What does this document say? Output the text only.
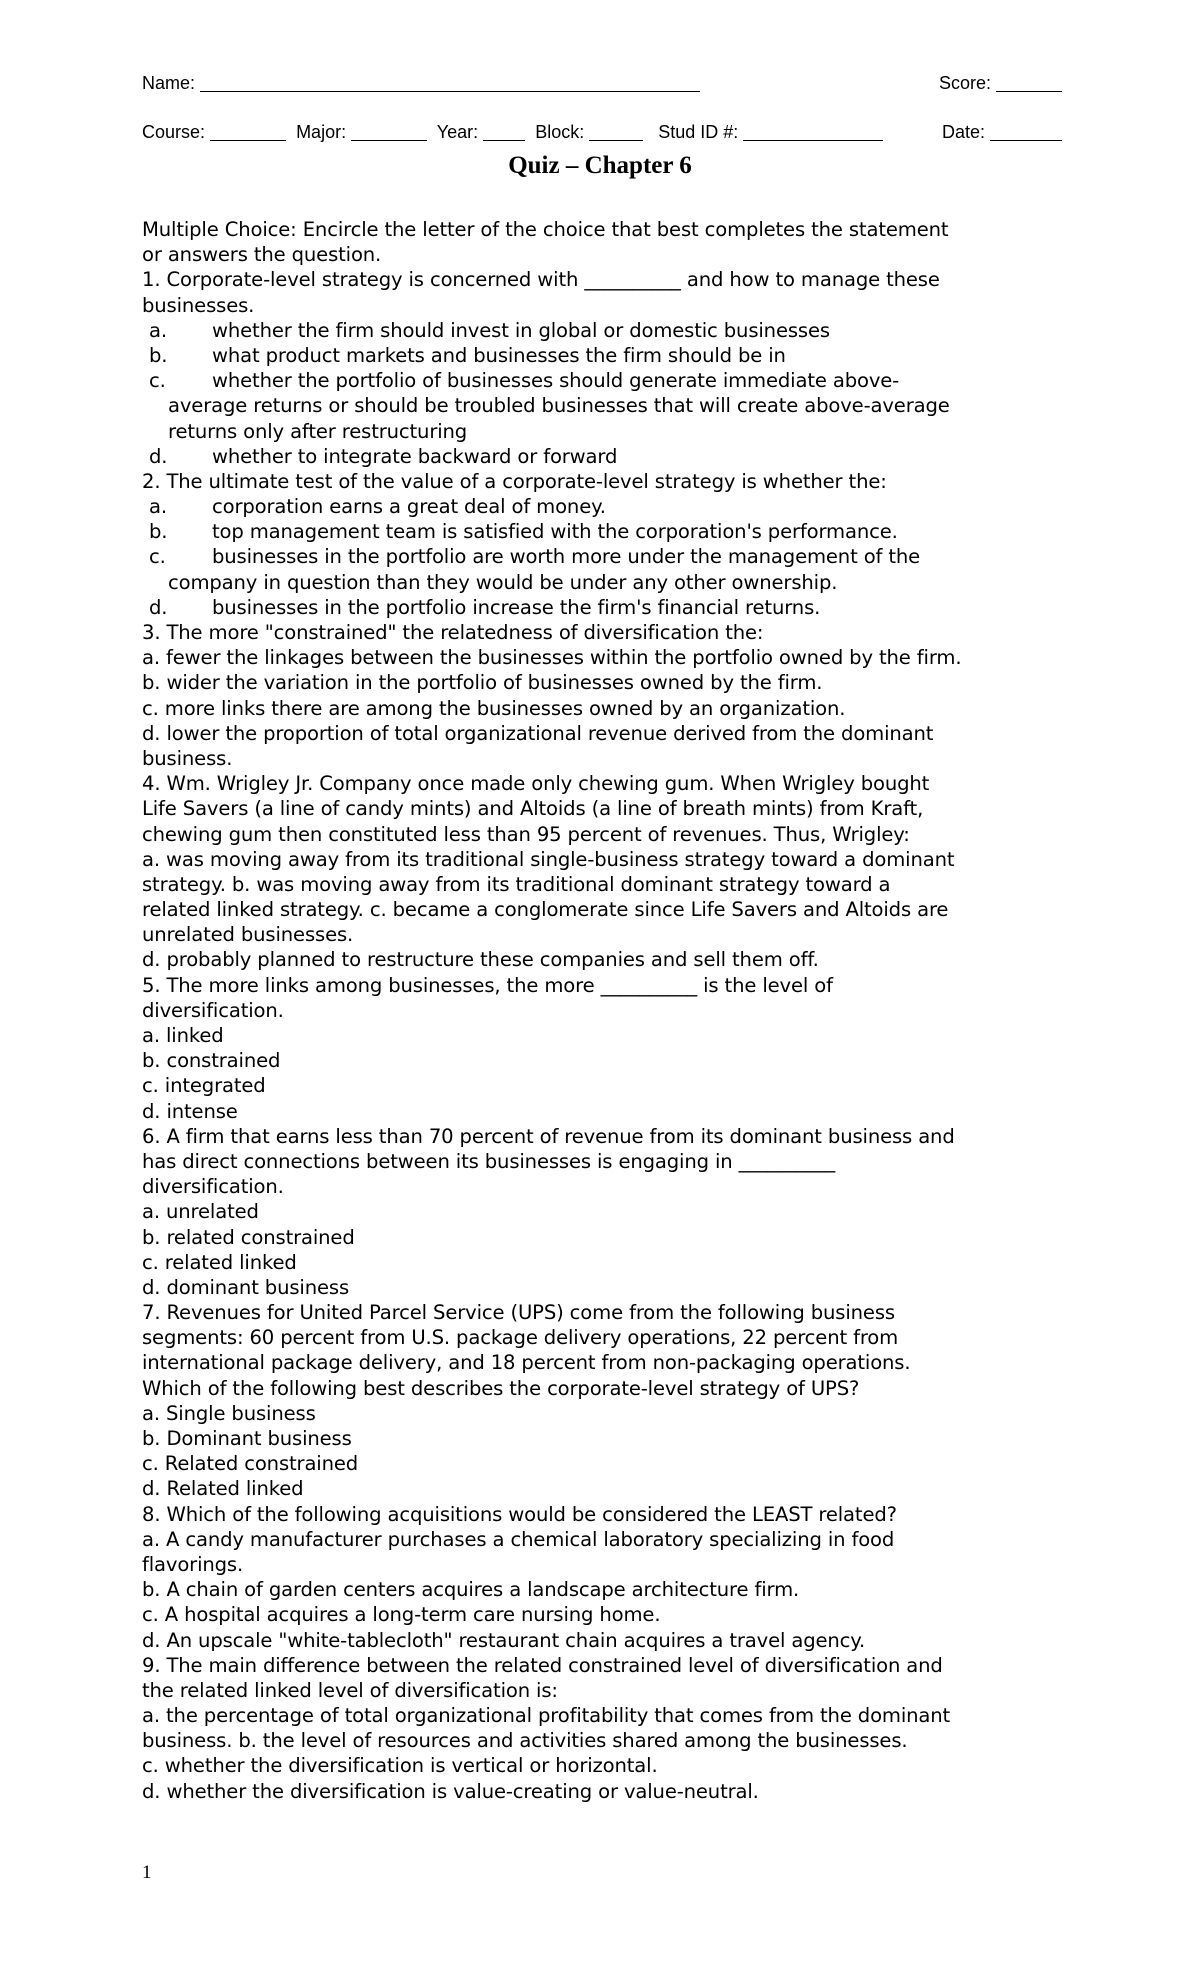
Name:	Score:
Course:	Major:	Year:	Block:	Stud ID #:	Date:
Quiz – Chapter 6
Multiple Choice: Encircle the letter of the choice that best completes the statement
or answers the question.
1. Corporate-level strategy is concerned with __________ and how to manage these
businesses.
a. whether the firm should invest in global or domestic businesses
b. what product markets and businesses the firm should be in
c. whether the portfolio of businesses should generate immediate above-
average returns or should be troubled businesses that will create above-average
returns only after restructuring
d. whether to integrate backward or forward
2. The ultimate test of the value of a corporate-level strategy is whether the:
a. corporation earns a great deal of money.
b. top management team is satisfied with the corporation's performance.
c. businesses in the portfolio are worth more under the management of the
company in question than they would be under any other ownership.
d. businesses in the portfolio increase the firm's financial returns.
3. The more "constrained" the relatedness of diversification the:
a. fewer the linkages between the businesses within the portfolio owned by the firm.
b. wider the variation in the portfolio of businesses owned by the firm.
c. more links there are among the businesses owned by an organization.
d. lower the proportion of total organizational revenue derived from the dominant
business.
4. Wm. Wrigley Jr. Company once made only chewing gum. When Wrigley bought
Life Savers (a line of candy mints) and Altoids (a line of breath mints) from Kraft,
chewing gum then constituted less than 95 percent of revenues. Thus, Wrigley:
a. was moving away from its traditional single-business strategy toward a dominant
strategy. b. was moving away from its traditional dominant strategy toward a
related linked strategy. c. became a conglomerate since Life Savers and Altoids are
unrelated businesses.
d. probably planned to restructure these companies and sell them off.
5. The more links among businesses, the more __________ is the level of
diversification.
a. linked
b. constrained
c. integrated
d. intense
6. A firm that earns less than 70 percent of revenue from its dominant business and
has direct connections between its businesses is engaging in __________
diversification.
a. unrelated
b. related constrained
c. related linked
d. dominant business
7. Revenues for United Parcel Service (UPS) come from the following business
segments: 60 percent from U.S. package delivery operations, 22 percent from
international package delivery, and 18 percent from non-packaging operations.
Which of the following best describes the corporate-level strategy of UPS?
a. Single business
b. Dominant business
c. Related constrained
d. Related linked
8. Which of the following acquisitions would be considered the LEAST related?
a. A candy manufacturer purchases a chemical laboratory specializing in food
flavorings.
b. A chain of garden centers acquires a landscape architecture firm.
c. A hospital acquires a long-term care nursing home.
d. An upscale "white-tablecloth" restaurant chain acquires a travel agency.
9. The main difference between the related constrained level of diversification and
the related linked level of diversification is:
a. the percentage of total organizational profitability that comes from the dominant
business. b. the level of resources and activities shared among the businesses.
c. whether the diversification is vertical or horizontal.
d. whether the diversification is value-creating or value-neutral.
1
